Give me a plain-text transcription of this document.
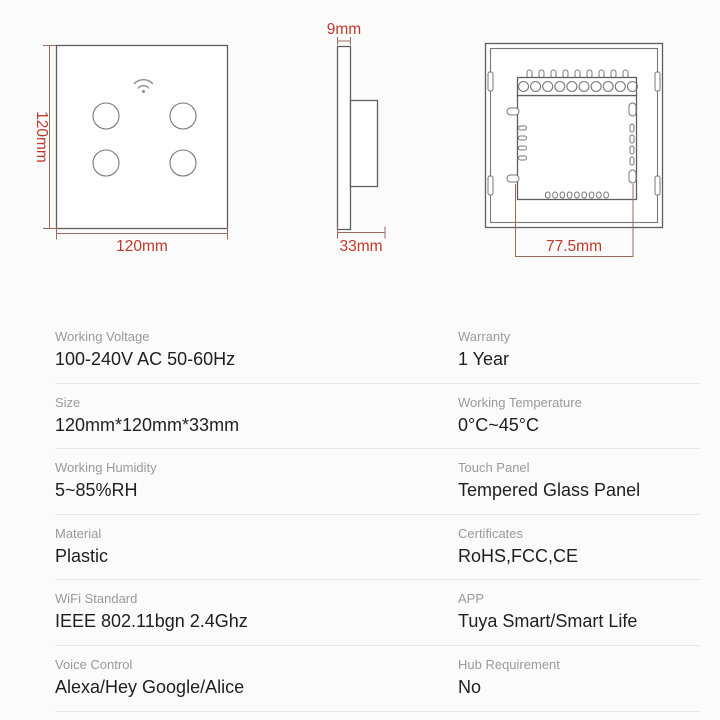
120mm
120mm
9mm
33mm	77.5mm
Working Voltage
100-240V AC 50-60Hz
Warranty
1 Year
Size
120mm*120mm*33mm
Working Temperature
0°C~45°C
Working Humidity
5~85%RH
Touch Panel
Tempered Glass Panel
Material
Plastic
Certificates
RoHS,FCC,CE
WiFi Standard
IEEE 802.11bgn 2.4Ghz
APP
Tuya Smart/Smart Life
Voice Control
Alexa/Hey Google/Alice
Hub Requirement
No
